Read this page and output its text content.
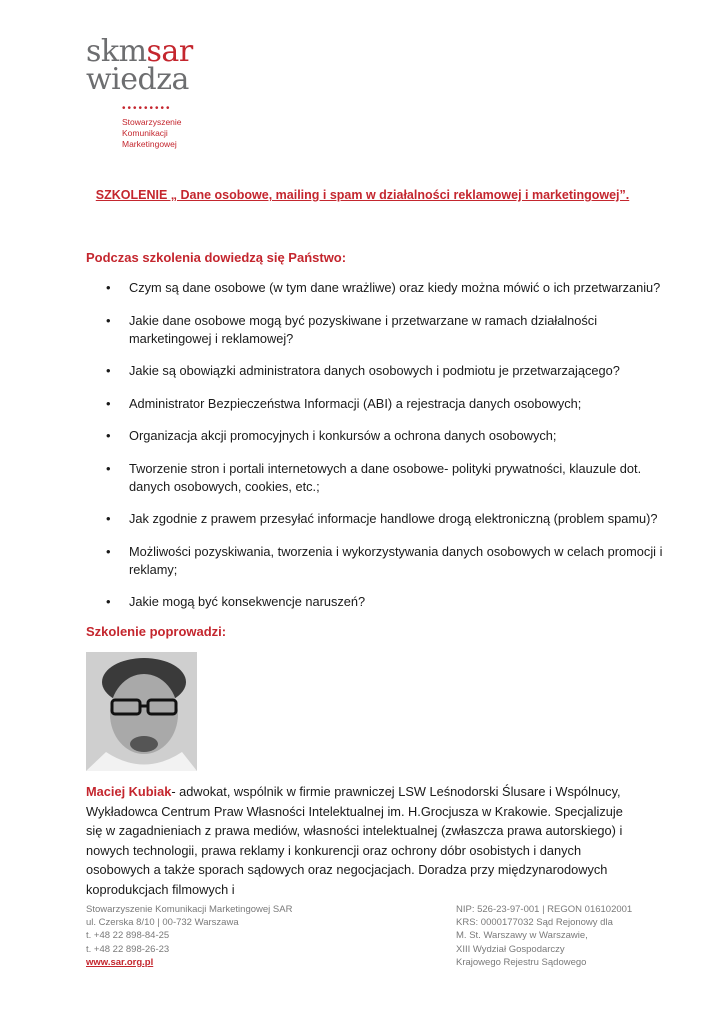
skmsar
wiedza
•••••••••
Stowarzyszenie
Komunikacji
Marketingowej
SZKOLENIE „ Dane osobowe, mailing i spam w działalności reklamowej i marketingowej”.
Podczas szkolenia dowiedzą się Państwo:
• Czym są dane osobowe (w tym dane wrażliwe) oraz kiedy można mówić o ich przetwarzaniu?
• Jakie dane osobowe mogą być pozyskiwane i przetwarzane w ramach działalności marketingowej i reklamowej?
• Jakie są obowiązki administratora danych osobowych i podmiotu je przetwarzającego?
• Administrator Bezpieczeństwa Informacji (ABI) a rejestracja danych osobowych;
• Organizacja akcji promocyjnych i konkursów a ochrona danych osobowych;
• Tworzenie stron i portali internetowych a dane osobowe- polityki prywatności, klauzule dot. danych osobowych, cookies, etc.;
• Jak zgodnie z prawem przesyłać informacje handlowe drogą elektroniczną (problem spamu)?
• Możliwości pozyskiwania, tworzenia i wykorzystywania danych osobowych w celach promocji i reklamy;
• Jakie mogą być konsekwencje naruszeń?
Szkolenie poprowadzi:
Maciej Kubiak- adwokat, wspólnik w firmie prawniczej LSW Leśnodorski Ślusare i Wspólnucy, Wykładowca Centrum Praw Własności Intelektualnej im. H.Grocjusza w Krakowie. Specjalizuje się w zagadnieniach z prawa mediów, własności intelektualnej (zwłaszcza prawa autorskiego) i nowych technologii, prawa reklamy i konkurencji oraz ochrony dóbr osobistych i danych osobowych a także sporach sądowych oraz negocjacjach. Doradza przy międzynarodowych koprodukcjach filmowych i
Stowarzyszenie Komunikacji Marketingowej SAR
ul. Czerska 8/10 | 00-732 Warszawa
t. +48 22 898-84-25
t. +48 22 898-26-23
www.sar.org.pl
NIP: 526-23-97-001 | REGON 016102001
KRS: 0000177032 Sąd Rejonowy dla
M. St. Warszawy w Warszawie,
XIII Wydział Gospodarczy
Krajowego Rejestru Sądowego
